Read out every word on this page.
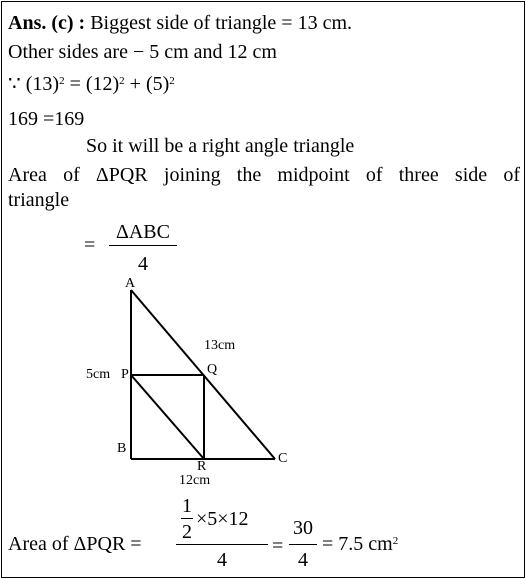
Ans. (c) : Biggest side of triangle = 13 cm.
Other sides are − 5 cm and 12 cm
∵ $(13)^2 = (12)^2 + (5)^2$
169 =169
So it will be a right angle triangle
Area of ΔPQR joining the midpoint of three side of
triangle
=
ΔABC
4
A
B
C
P	Q
R
13cm
5cm
12cm
Area of ΔPQR =
1
2
×5×12
4
=
30
4
= 7.5 $cm^2$
